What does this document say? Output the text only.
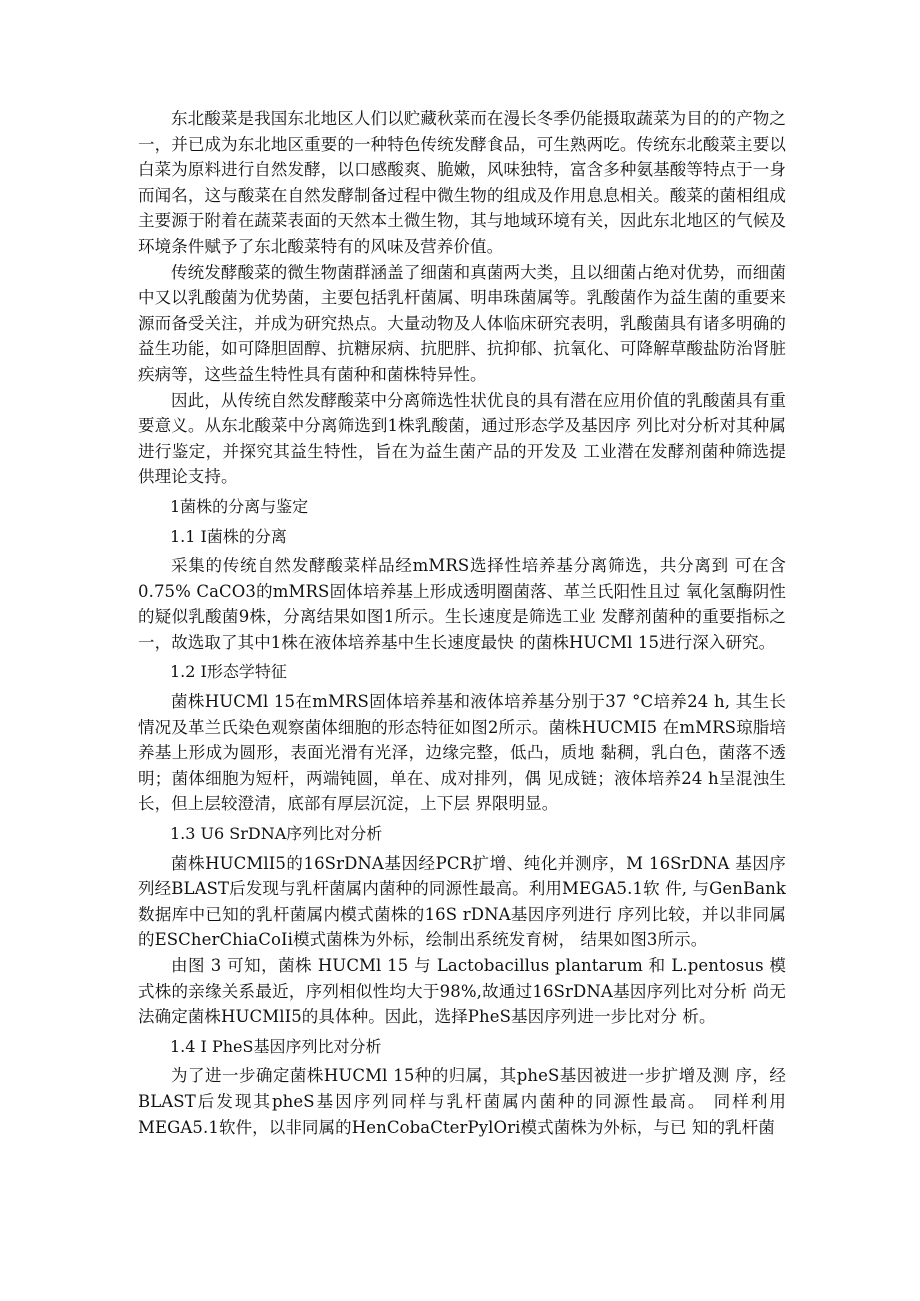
东北酸菜是我国东北地区人们以贮藏秋菜而在漫长冬季仍能摄取蔬菜为目的的产物之一，并已成为东北地区重要的一种特色传统发酵食品，可生熟两吃。传统东北酸菜主要以白菜为原料进行自然发酵，以口感酸爽、脆嫩，风味独特，富含多种氨基酸等特点于一身而闻名，这与酸菜在自然发酵制备过程中微生物的组成及作用息息相关。酸菜的菌相组成主要源于附着在蔬菜表面的天然本土微生物，其与地域环境有关，因此东北地区的气候及环境条件赋予了东北酸菜特有的风味及营养价值。

传统发酵酸菜的微生物菌群涵盖了细菌和真菌两大类，且以细菌占绝对优势，而细菌中又以乳酸菌为优势菌，主要包括乳杆菌属、明串珠菌属等。乳酸菌作为益生菌的重要来源而备受关注，并成为研究热点。大量动物及人体临床研究表明，乳酸菌具有诸多明确的益生功能，如可降胆固醇、抗糖尿病、抗肥胖、抗抑郁、抗氧化、可降解草酸盐防治肾脏疾病等，这些益生特性具有菌种和菌株特异性。

因此，从传统自然发酵酸菜中分离筛选性状优良的具有潜在应用价值的乳酸菌具有重要意义。从东北酸菜中分离筛选到1株乳酸菌，通过形态学及基因序 列比对分析对其种属进行鉴定，并探究其益生特性，旨在为益生菌产品的开发及 工业潜在发酵剂菌种筛选提供理论支持。

1菌株的分离与鉴定
1.1 I菌株的分离

采集的传统自然发酵酸菜样品经mMRS选择性培养基分离筛选，共分离到 可在含0.75% CaCO3的mMRS固体培养基上形成透明圈菌落、革兰氏阳性且过 氧化氢酶阴性的疑似乳酸菌9株，分离结果如图1所示。生长速度是筛选工业 发酵剂菌种的重要指标之一，故选取了其中1株在液体培养基中生长速度最快 的菌株HUCMl 15进行深入研究。

1.2 I形态学特征

菌株HUCMl 15在mMRS固体培养基和液体培养基分别于37 °C培养24 h, 其生长情况及革兰氏染色观察菌体细胞的形态特征如图2所示。菌株HUCMI5 在mMRS琼脂培养基上形成为圆形，表面光滑有光泽，边缘完整，低凸，质地 黏稠，乳白色，菌落不透明；菌体细胞为短杆，两端钝圆，单在、成对排列，偶 见成链；液体培养24 h呈混浊生长，但上层较澄清，底部有厚层沉淀，上下层 界限明显。

1.3 U6 SrDNA序列比对分析

菌株HUCMlI5的16SrDNA基因经PCR扩增、纯化并测序，M 16SrDNA 基因序列经BLAST后发现与乳杆菌属内菌种的同源性最高。利用MEGA5.1软 件, 与GenBank数据库中已知的乳杆菌属内模式菌株的16S rDNA基因序列进行 序列比较，并以非同属的ESCherChiaCoIi模式菌株为外标，绘制出系统发育树， 结果如图3所示。

由图 3 可知，菌株 HUCMl 15 与 Lactobacillus plantarum 和 L.pentosus 模式株的亲缘关系最近，序列相似性均大于98%,故通过16SrDNA基因序列比对分析 尚无法确定菌株HUCMlI5的具体种。因此，选择PheS基因序列进一步比对分 析。

1.4 I PheS基因序列比对分析

为了进一步确定菌株HUCMl 15种的归属，其pheS基因被进一步扩增及测 序，经BLAST后发现其pheS基因序列同样与乳杆菌属内菌种的同源性最高。 同样利用MEGA5.1软件，以非同属的HenCobaCterPylOri模式菌株为外标，与已 知的乳杆菌
